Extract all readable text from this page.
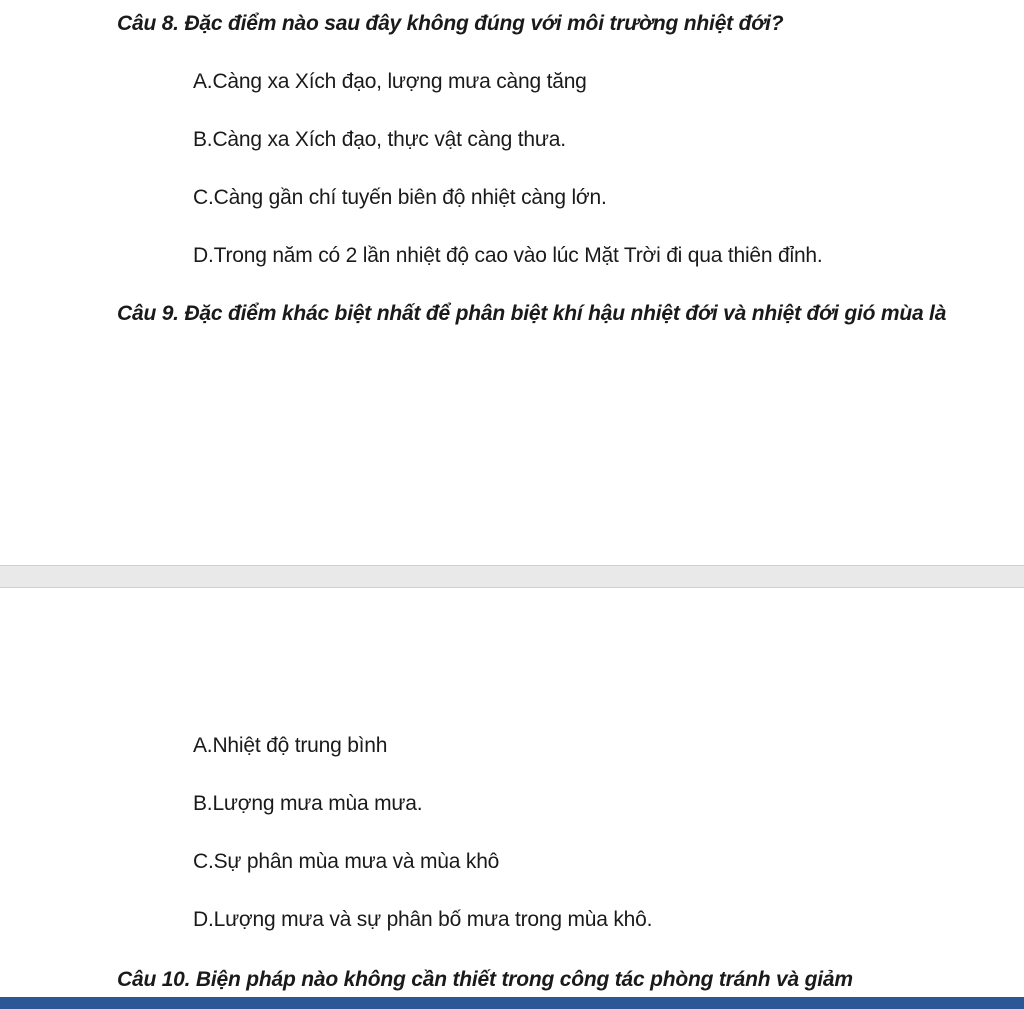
Câu 8. Đặc điểm nào sau đây không đúng với môi trường nhiệt đới?
A.Càng xa Xích đạo, lượng mưa càng tăng
B.Càng xa Xích đạo, thực vật càng thưa.
C.Càng gần chí tuyến biên độ nhiệt càng lớn.
D.Trong năm có 2 lần nhiệt độ cao vào lúc Mặt Trời đi qua thiên đỉnh.
Câu 9. Đặc điểm khác biệt nhất để phân biệt khí hậu nhiệt đới và nhiệt đới gió mùa là
A.Nhiệt độ trung bình
B.Lượng mưa mùa mưa.
C.Sự phân mùa mưa và mùa khô
D.Lượng mưa và sự phân bố mưa trong mùa khô.
Câu 10. Biện pháp nào không cần thiết trong công tác phòng tránh và giảm
